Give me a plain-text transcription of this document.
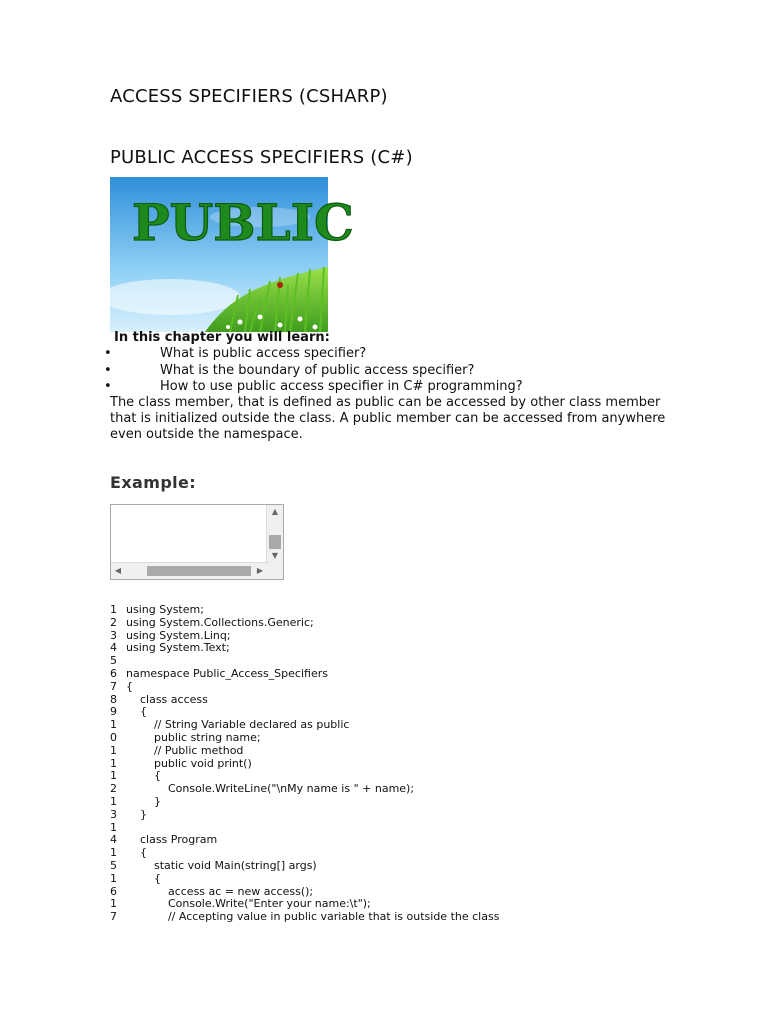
ACCESS SPECIFIERS (CSHARP)
PUBLIC ACCESS SPECIFIERS (C#)
PUBLIC
In this chapter you will learn:
•What is public access specifier?
•What is the boundary of public access specifier?
•How to use public access specifier in C# programming?
The class member, that is defined as public can be accessed by other class member that is initialized outside the class. A public member can be accessed from anywhere even outside the namespace.
Example:
▲
▼
◀	▶
1 using System;
2 using System.Collections.Generic;
3 using System.Linq;
4 using System.Text;
5
6 namespace Public_Access_Specifiers
7 {
8    class access
9    {
1        // String Variable declared as public
0        public string name;
1        // Public method
1        public void print()
1        {
2            Console.WriteLine("\nMy name is " + name);
1        }
3    }
1
4    class Program
1    {
5        static void Main(string[] args)
1        {
6            access ac = new access();
1            Console.Write("Enter your name:\t");
7            // Accepting value in public variable that is outside the class
